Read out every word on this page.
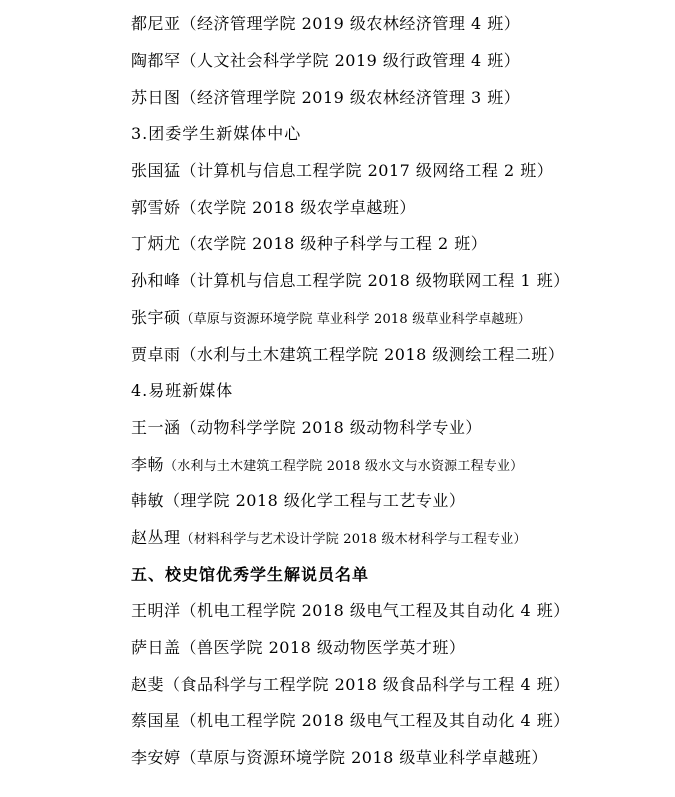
都尼亚（经济管理学院 2019 级农林经济管理 4 班）
陶都罕（人文社会科学学院 2019 级行政管理 4 班）
苏日图（经济管理学院 2019 级农林经济管理 3 班）
3.团委学生新媒体中心
张国猛（计算机与信息工程学院 2017 级网络工程 2 班）
郭雪娇（农学院 2018 级农学卓越班）
丁炳尤（农学院 2018 级种子科学与工程 2 班）
孙和峰（计算机与信息工程学院 2018 级物联网工程 1 班）
张宇硕（草原与资源环境学院 草业科学 2018 级草业科学卓越班）
贾卓雨（水利与土木建筑工程学院 2018 级测绘工程二班）
4.易班新媒体
王一涵（动物科学学院 2018 级动物科学专业）
李畅（水利与土木建筑工程学院 2018 级水文与水资源工程专业）
韩敏（理学院 2018 级化学工程与工艺专业）
赵丛理（材料科学与艺术设计学院 2018 级木材科学与工程专业）
五、校史馆优秀学生解说员名单
王明洋（机电工程学院 2018 级电气工程及其自动化 4 班）
萨日盖（兽医学院 2018 级动物医学英才班）
赵斐（食品科学与工程学院 2018 级食品科学与工程 4 班）
蔡国星（机电工程学院 2018 级电气工程及其自动化 4 班）
李安婷（草原与资源环境学院 2018 级草业科学卓越班）
